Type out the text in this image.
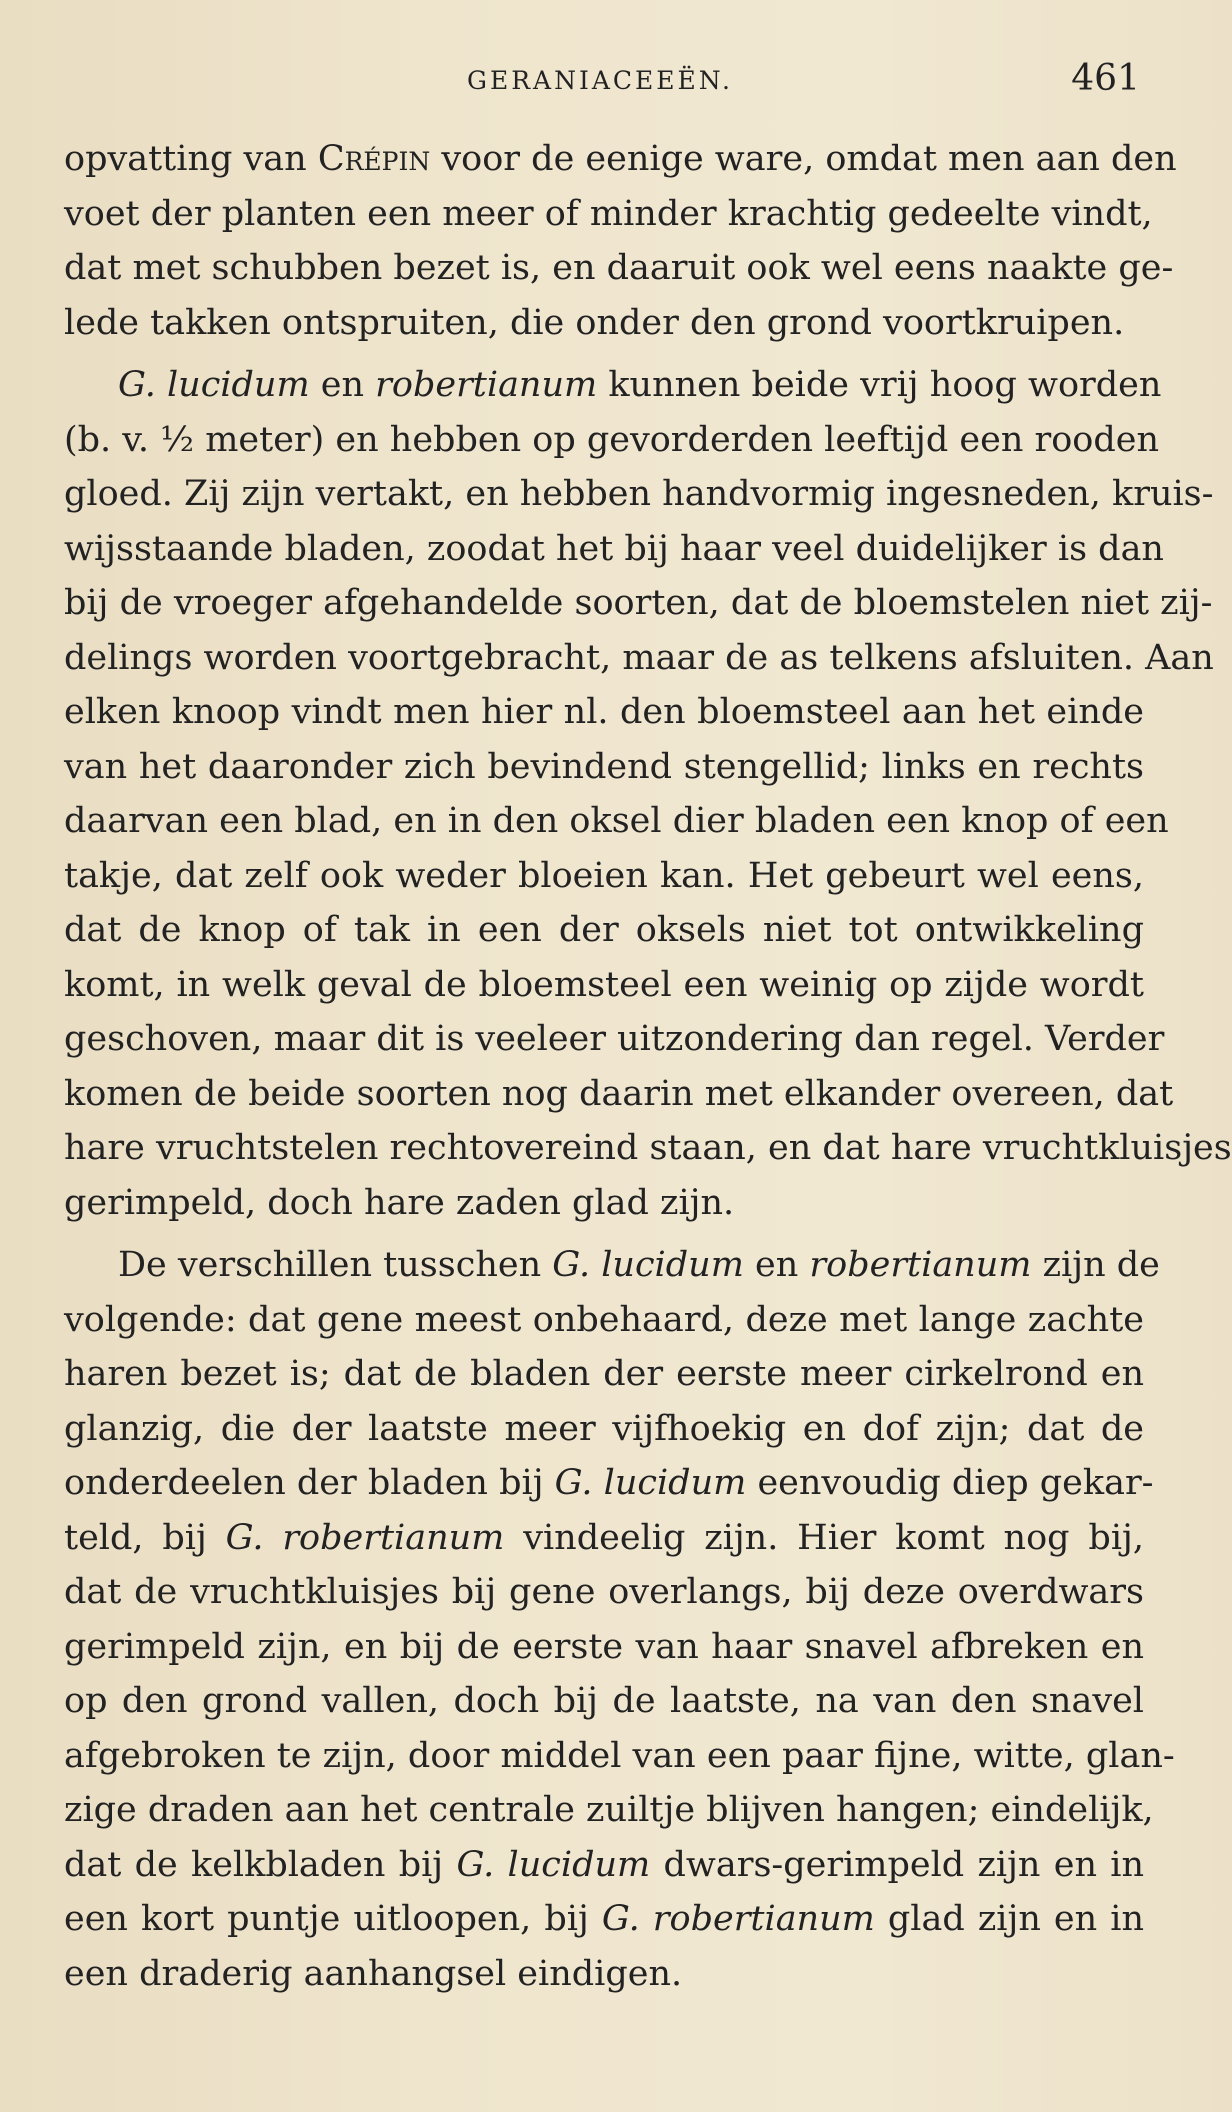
GERANIACEEËN.	461
opvatting van Crépin voor de eenige ware, omdat men aan den
voet der planten een meer of minder krachtig gedeelte vindt,
dat met schubben bezet is, en daaruit ook wel eens naakte ge-
lede takken ontspruiten, die onder den grond voortkruipen.
G. lucidum en robertianum kunnen beide vrij hoog worden
(b. v. ½ meter) en hebben op gevorderden leeftijd een rooden
gloed. Zij zijn vertakt, en hebben handvormig ingesneden, kruis-
wijsstaande bladen, zoodat het bij haar veel duidelijker is dan
bij de vroeger afgehandelde soorten, dat de bloemstelen niet zij-
delings worden voortgebracht, maar de as telkens afsluiten. Aan
elken knoop vindt men hier nl. den bloemsteel aan het einde
van het daaronder zich bevindend stengellid; links en rechts
daarvan een blad, en in den oksel dier bladen een knop of een
takje, dat zelf ook weder bloeien kan. Het gebeurt wel eens,
dat de knop of tak in een der oksels niet tot ontwikkeling
komt, in welk geval de bloemsteel een weinig op zijde wordt
geschoven, maar dit is veeleer uitzondering dan regel. Verder
komen de beide soorten nog daarin met elkander overeen, dat
hare vruchtstelen rechtovereind staan, en dat hare vruchtkluisjes
gerimpeld, doch hare zaden glad zijn.
De verschillen tusschen G. lucidum en robertianum zijn de
volgende: dat gene meest onbehaard, deze met lange zachte
haren bezet is; dat de bladen der eerste meer cirkelrond en
glanzig, die der laatste meer vijfhoekig en dof zijn; dat de
onderdeelen der bladen bij G. lucidum eenvoudig diep gekar-
teld, bij G. robertianum vindeelig zijn. Hier komt nog bij,
dat de vruchtkluisjes bij gene overlangs, bij deze overdwars
gerimpeld zijn, en bij de eerste van haar snavel afbreken en
op den grond vallen, doch bij de laatste, na van den snavel
afgebroken te zijn, door middel van een paar fijne, witte, glan-
zige draden aan het centrale zuiltje blijven hangen; eindelijk,
dat de kelkbladen bij G. lucidum dwars-gerimpeld zijn en in
een kort puntje uitloopen, bij G. robertianum glad zijn en in
een draderig aanhangsel eindigen.
